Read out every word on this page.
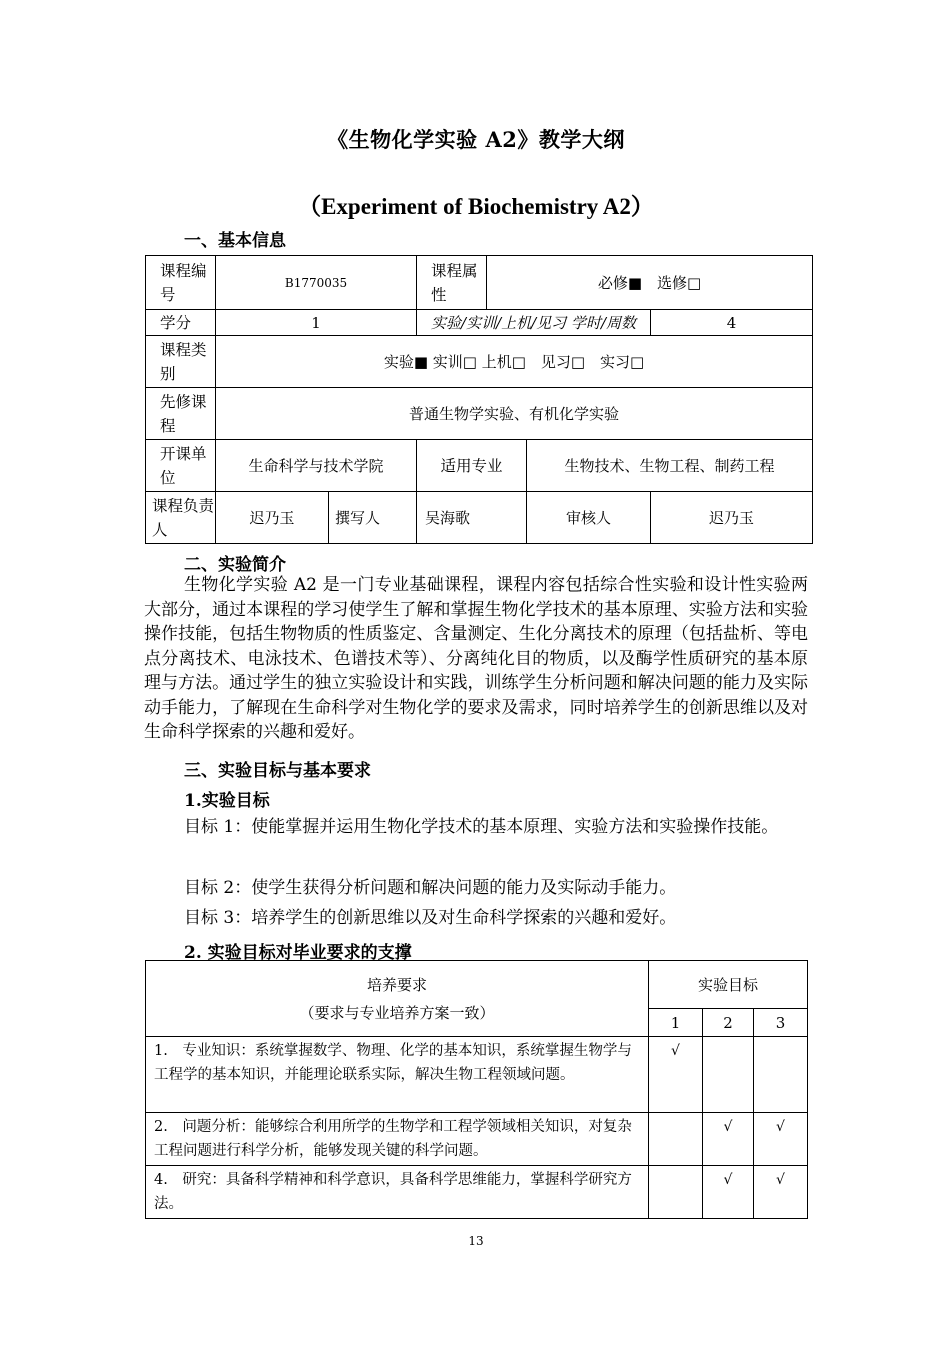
《生物化学实验 A2》教学大纲
（Experiment of Biochemistry A2）
一、基本信息
课程编号	B1770035		课程属性	必修■　选修□		
学分	1		实验/实训/上机/见习 学时/周数			4
课程类别	实验■ 实训□ 上机□　见习□　实习□					
先修课程	普通生物学实验、有机化学实验					
开课单位	生命科学与技术学院		适用专业		生物技术、生物工程、制药工程	
课程负责人	迟乃玉	撰写人	吴海歌		审核人	迟乃玉
二、实验简介

生物化学实验 A2 是一门专业基础课程，课程内容包括综合性实验和设计性实验两大部分，通过本课程的学习使学生了解和掌握生物化学技术的基本原理、实验方法和实验操作技能，包括生物物质的性质鉴定、含量测定、生化分离技术的原理（包括盐析、等电点分离技术、电泳技术、色谱技术等）、分离纯化目的物质，以及酶学性质研究的基本原理与方法。通过学生的独立实验设计和实践，训练学生分析问题和解决问题的能力及实际动手能力，了解现在生命科学对生物化学的要求及需求，同时培养学生的创新思维以及对生命科学探索的兴趣和爱好。

三、实验目标与基本要求
1.实验目标

目标 1：使能掌握并运用生物化学技术的基本原理、实验方法和实验操作技能。

目标 2：使学生获得分析问题和解决问题的能力及实际动手能力。

目标 3：培养学生的创新思维以及对生命科学探索的兴趣和爱好。

2. 实验目标对毕业要求的支撑
培养要求
（要求与专业培养方案一致）	实验目标		
	1	2	3
1.　专业知识：系统掌握数学、物理、化学的基本知识，系统掌握生物学与工程学的基本知识，并能理论联系实际，解决生物工程领域问题。	√		
2.　问题分析：能够综合利用所学的生物学和工程学领域相关知识，对复杂工程问题进行科学分析，能够发现关键的科学问题。		√	√
4.　研究：具备科学精神和科学意识，具备科学思维能力，掌握科学研究方法。		√	√
13
